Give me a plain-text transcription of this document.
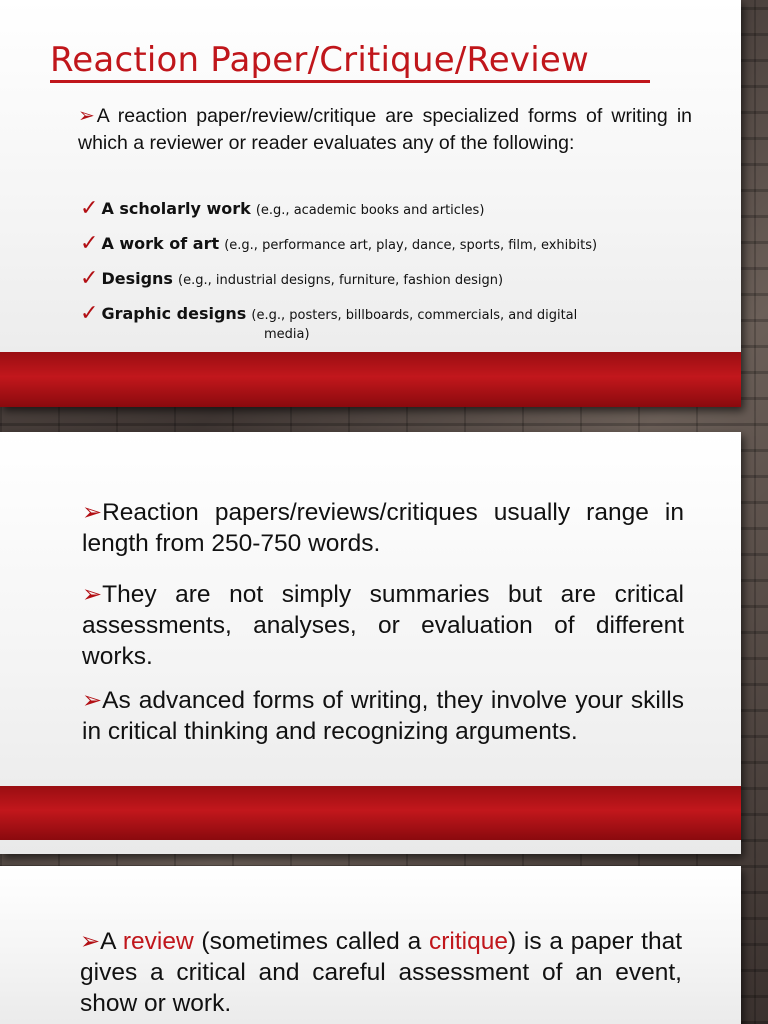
Reaction Paper/Critique/Review
➢ A reaction paper/review/critique are specialized forms of writing in which a reviewer or reader evaluates any of the following:
✓ A scholarly work (e.g., academic books and articles)
✓ A work of art (e.g., performance art, play, dance, sports, film, exhibits)
✓ Designs (e.g., industrial designs, furniture, fashion design)
✓ Graphic designs (e.g., posters, billboards, commercials, and digital
media)
➢Reaction papers/reviews/critiques usually range in length from 250-750 words.
➢They are not simply summaries but are critical assessments, analyses, or evaluation of different works.
➢As advanced forms of writing, they involve your skills in critical thinking and recognizing arguments.
➢A review (sometimes called a critique) is a paper that gives a critical and careful assessment of an event, show or work.
